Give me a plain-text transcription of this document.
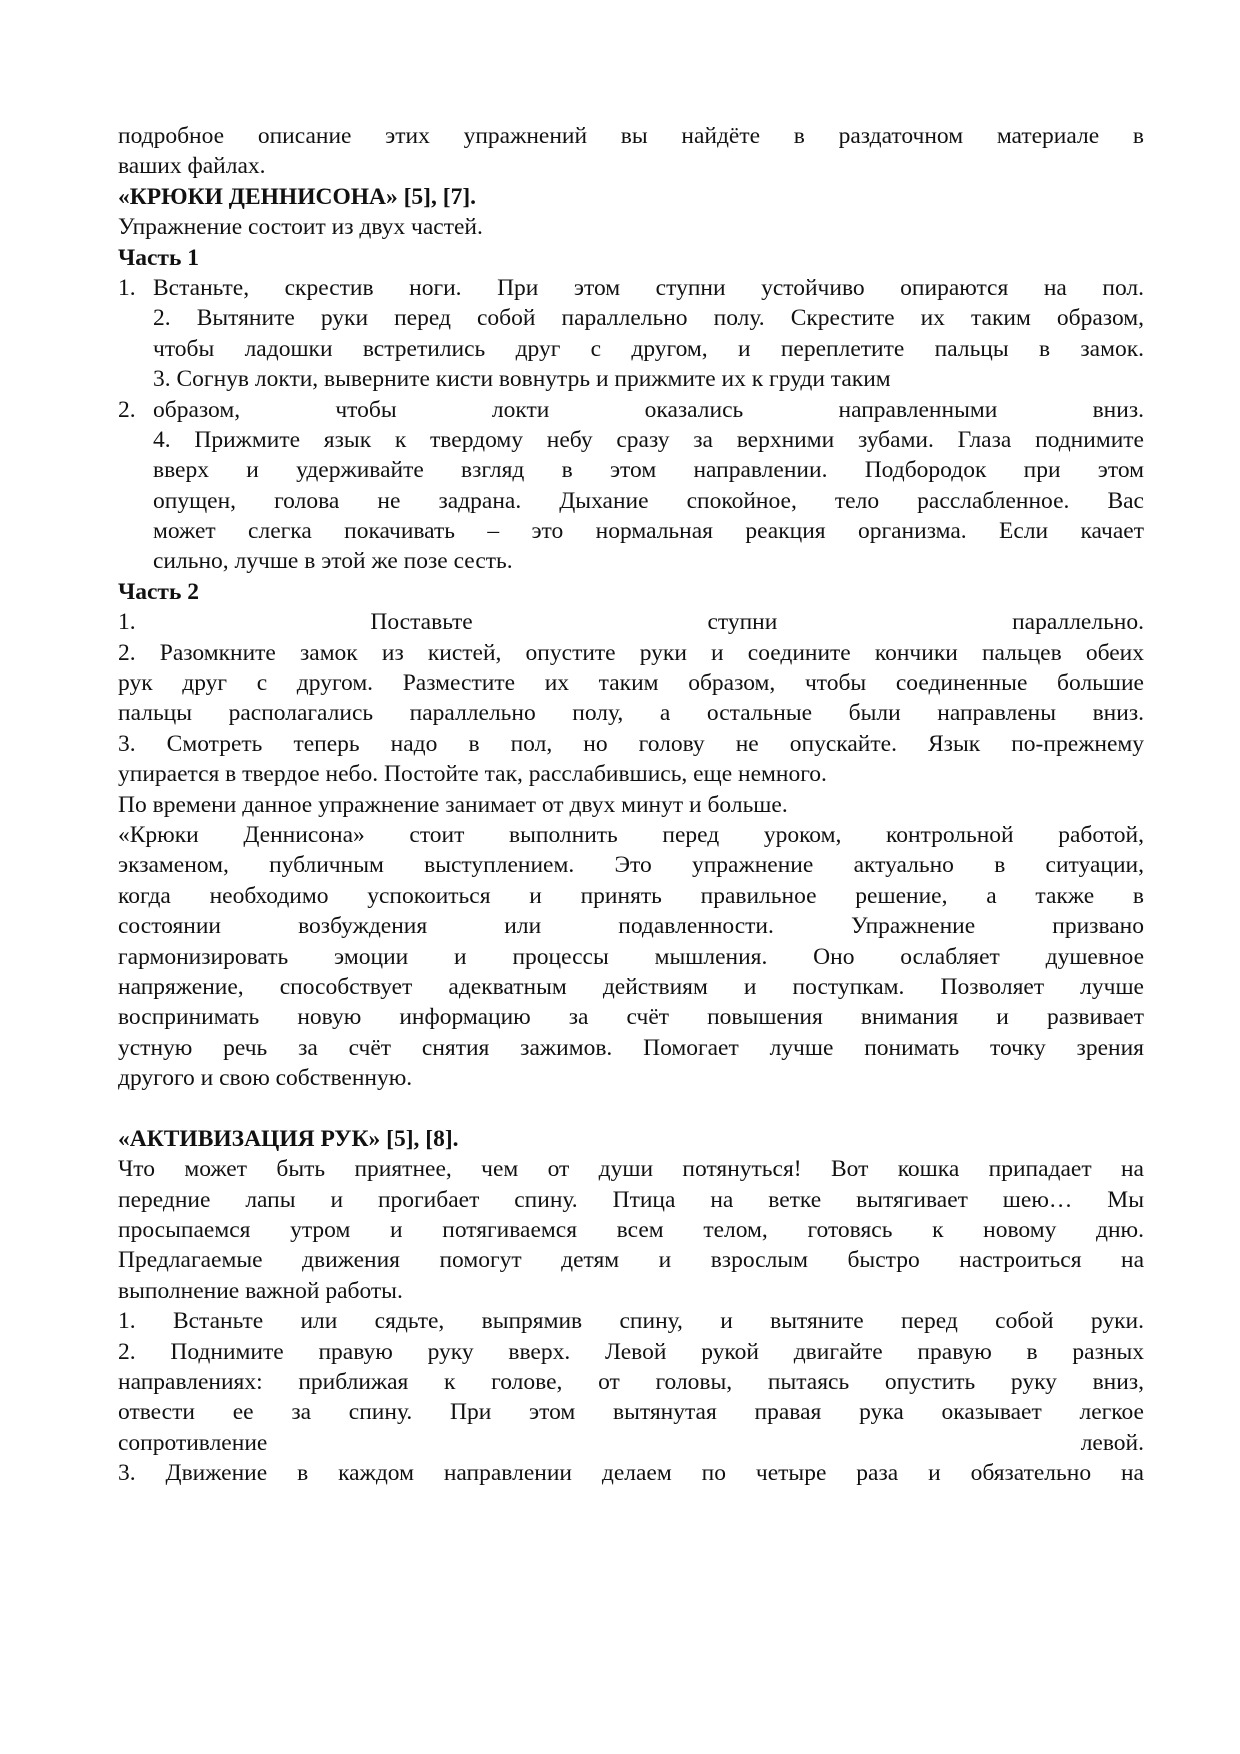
подробное описание этих упражнений вы найдёте в раздаточном материале в
ваших файлах.
«КРЮКИ ДЕННИСОНА» [5], [7].
Упражнение состоит из двух частей.
Часть 1
1. Встаньте, скрестив ноги. При этом ступни устойчиво опираются на пол.
2. Вытяните руки перед собой параллельно полу. Скрестите их таким образом,
чтобы ладошки встретились друг с другом, и переплетите пальцы в замок.
3. Согнув локти, выверните кисти вовнутрь и прижмите их к груди таким
2. образом, чтобы локти оказались направленными вниз.
4. Прижмите язык к твердому небу сразу за верхними зубами. Глаза поднимите
вверх и удерживайте взгляд в этом направлении. Подбородок при этом
опущен, голова не задрана. Дыхание спокойное, тело расслабленное. Вас
может слегка покачивать – это нормальная реакция организма. Если качает
сильно, лучше в этой же позе сесть.
Часть 2
1. Поставьте ступни параллельно.
2. Разомкните замок из кистей, опустите руки и соедините кончики пальцев обеих
рук друг с другом. Разместите их таким образом, чтобы соединенные большие
пальцы располагались параллельно полу, а остальные были направлены вниз.
3. Смотреть теперь надо в пол, но голову не опускайте. Язык по-прежнему
упирается в твердое небо. Постойте так, расслабившись, еще немного.
По времени данное упражнение занимает от двух минут и больше.
«Крюки Деннисона» стоит выполнить перед уроком, контрольной работой,
экзаменом, публичным выступлением. Это упражнение актуально в ситуации,
когда необходимо успокоиться и принять правильное решение, а также в
состоянии возбуждения или подавленности. Упражнение призвано
гармонизировать эмоции и процессы мышления. Оно ослабляет душевное
напряжение, способствует адекватным действиям и поступкам. Позволяет лучше
воспринимать новую информацию за счёт повышения внимания и развивает
устную речь за счёт снятия зажимов. Помогает лучше понимать точку зрения
другого и свою собственную.
«АКТИВИЗАЦИЯ РУК» [5], [8].
Что может быть приятнее, чем от души потянуться! Вот кошка припадает на
передние лапы и прогибает спину. Птица на ветке вытягивает шею… Мы
просыпаемся утром и потягиваемся всем телом, готовясь к новому дню.
Предлагаемые движения помогут детям и взрослым быстро настроиться на
выполнение важной работы.
1. Встаньте или сядьте, выпрямив спину, и вытяните перед собой руки.
2. Поднимите правую руку вверх. Левой рукой двигайте правую в разных
направлениях: приближая к голове, от головы, пытаясь опустить руку вниз,
отвести ее за спину. При этом вытянутая правая рука оказывает легкое
сопротивление левой.
3. Движение в каждом направлении делаем по четыре раза и обязательно на
